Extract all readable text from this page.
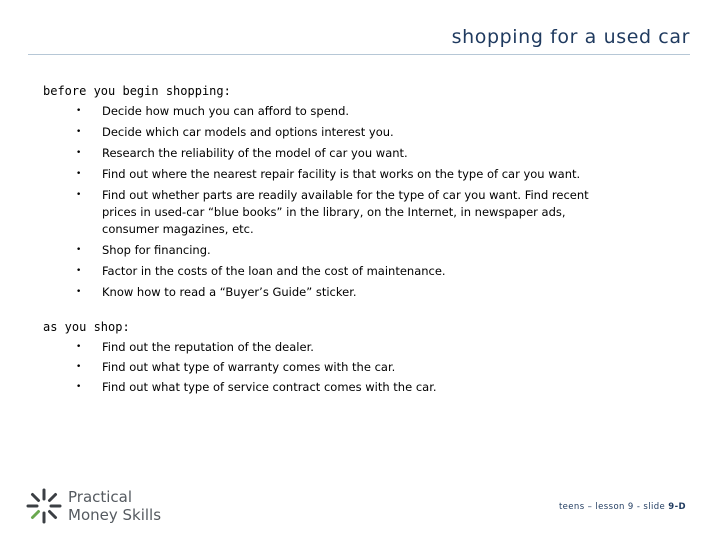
shopping for a used car
before you begin shopping:
• Decide how much you can afford to spend.
• Decide which car models and options interest you.
• Research the reliability of the model of car you want.
• Find out where the nearest repair facility is that works on the type of car you want.
• Find out whether parts are readily available for the type of car you want. Find recent prices in used-car “blue books” in the library, on the Internet, in newspaper ads, consumer magazines, etc.
• Shop for financing.
• Factor in the costs of the loan and the cost of maintenance.
• Know how to read a “Buyer’s Guide” sticker.
as you shop:
• Find out the reputation of the dealer.
• Find out what type of warranty comes with the car.
• Find out what type of service contract comes with the car.
Practical
Money Skills	teens – lesson 9 - slide 9-D
